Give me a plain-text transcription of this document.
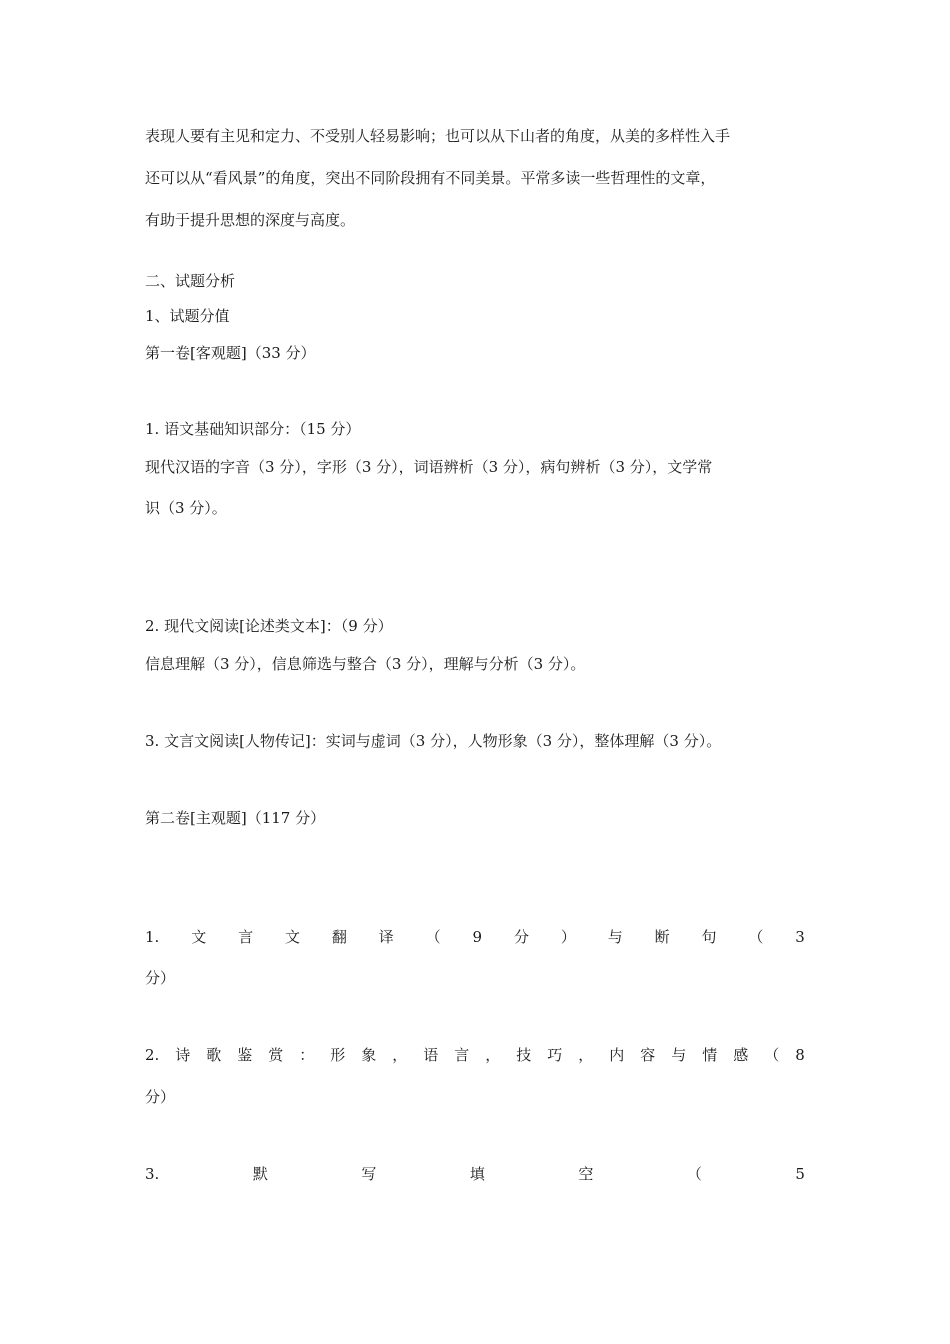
表现人要有主见和定力、不受别人轻易影响；也可以从下山者的角度，从美的多样性入手
还可以从“看风景”的角度，突出不同阶段拥有不同美景。平常多读一些哲理性的文章，
有助于提升思想的深度与高度。
二、试题分析
1、试题分值
第一卷[客观题]（33 分）
1. 语文基础知识部分：（15 分）
现代汉语的字音（3 分），字形（3 分），词语辨析（3 分），病句辨析（3 分），文学常
识（3 分）。
2. 现代文阅读[论述类文本]：（9 分）
信息理解（3 分），信息筛选与整合（3 分），理解与分析（3 分）。
3. 文言文阅读[人物传记]：实词与虚词（3 分），人物形象（3 分），整体理解（3 分）。
第二卷[主观题]（117 分）
1. 文 言 文 翻 译 （ 9 分 ） 与 断 句 （ 3
分）
2. 诗 歌 鉴 赏 ： 形 象 ， 语 言 ， 技 巧 ， 内 容 与 情 感 （ 8
分）
3.	默	写	填	空	（	5
